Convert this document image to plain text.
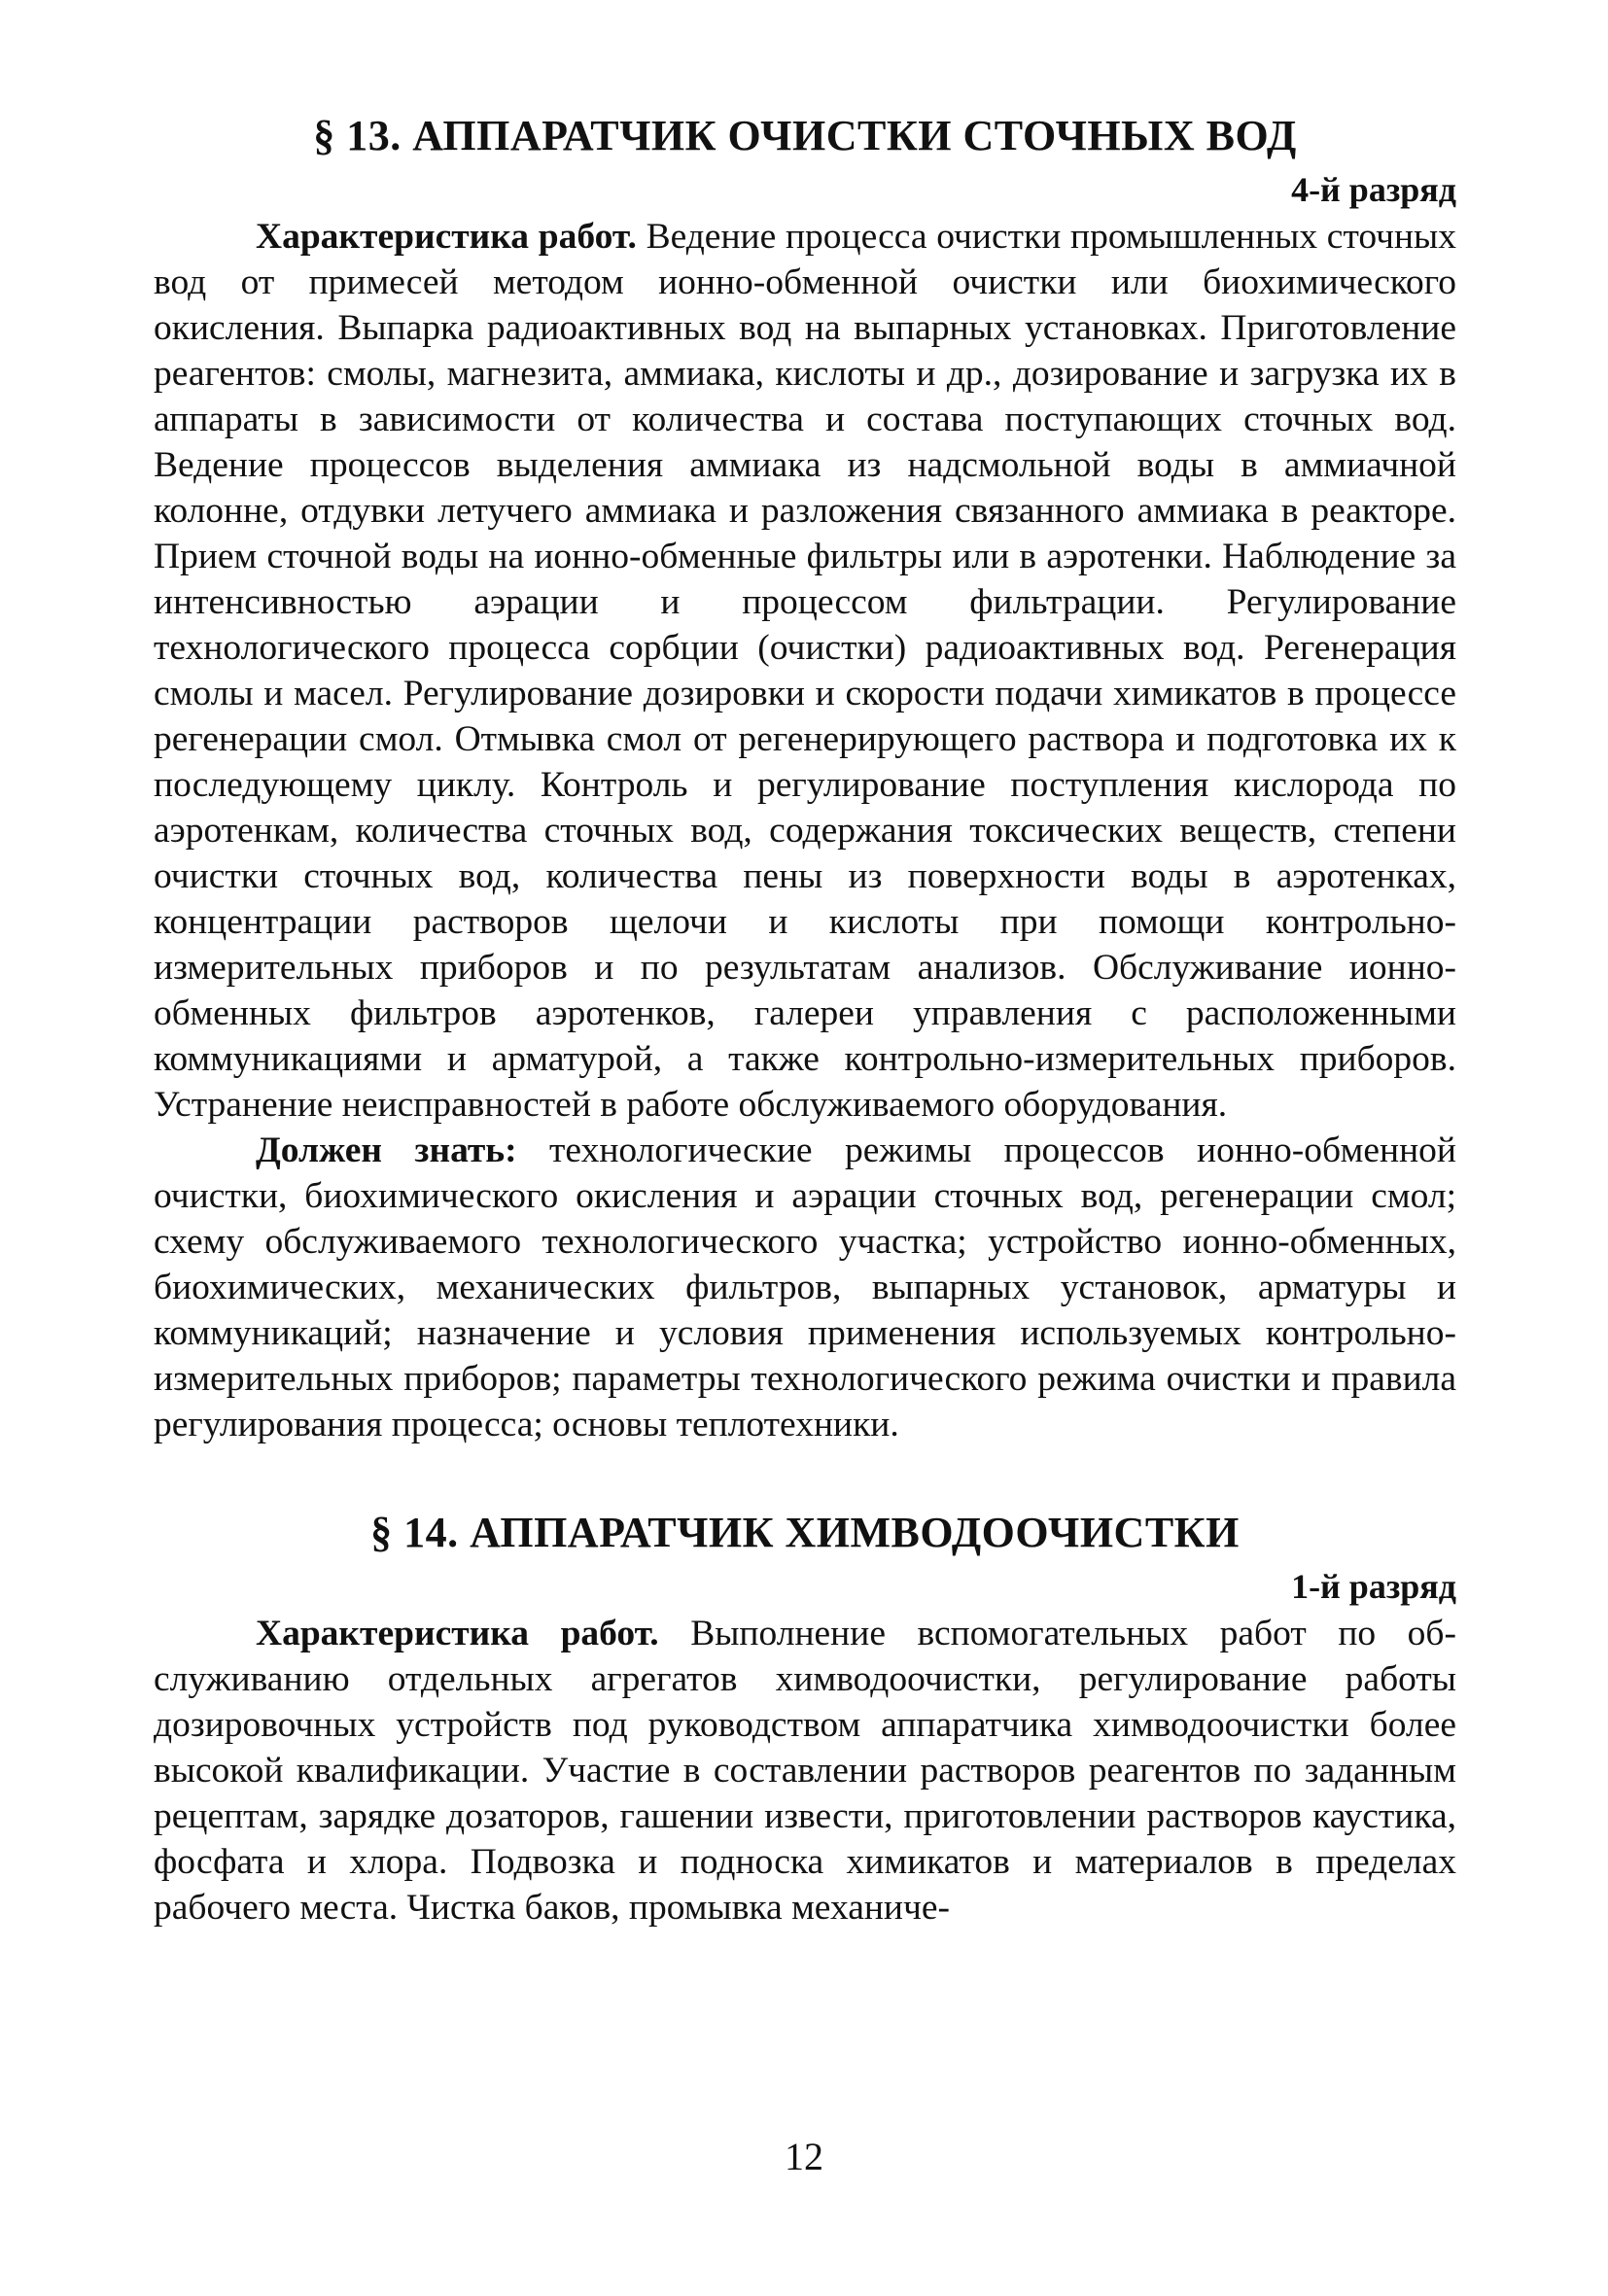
§ 13. АППАРАТЧИК ОЧИСТКИ СТОЧНЫХ ВОД

4-й разряд

Характеристика работ. Ведение процесса очистки промышленных сточных вод от примесей методом ионно-обменной очистки или биохимического окисления. Выпарка радиоактивных вод на выпарных установках. Приготовление реагентов: смолы, магнезита, аммиака, кислоты и др., дозирование и загрузка их в аппараты в зависимости от количества и состава поступающих сточных вод. Ведение процессов выделения аммиака из надсмольной воды в аммиачной колонне, отдувки летучего аммиака и разложения связанного аммиака в реакторе. Прием сточной воды на ионно-обменные фильтры или в аэротенки. Наблюдение за интенсивностью аэрации и процессом фильтрации. Регулирование технологического процесса сорбции (очистки) радиоактивных вод. Регенерация смолы и масел. Регулирование дозировки и скорости подачи химикатов в процессе регенерации смол. Отмывка смол от регенерирующего раствора и подготовка их к последующему циклу. Контроль и регулирование поступления кислорода по аэротенкам, количества сточных вод, содержания токсических веществ, степени очистки сточных вод, количества пены из поверхности воды в аэротенках, концентрации растворов щелочи и кислоты при помощи контрольно-измерительных приборов и по результатам анализов. Обслуживание ионно-обменных фильтров аэротенков, галереи управления с расположенными коммуникациями и арматурой, а также контрольно-измерительных приборов. Устранение неисправностей в работе обслуживаемого оборудования.

Должен знать: технологические режимы процессов ионно-обменной очистки, биохимического окисления и аэрации сточных вод, регенерации смол; схему обслуживаемого технологического участка; устройство ионно-обменных, биохимических, механических фильтров, выпарных установок, арматуры и коммуникаций; назначение и условия применения используемых контрольно-измерительных приборов; параметры технологического режима очистки и правила регулирования процесса; основы теплотехники.

§ 14. АППАРАТЧИК ХИМВОДООЧИСТКИ

1-й разряд

Характеристика работ. Выполнение вспомогательных работ по обслуживанию отдельных агрегатов химводоочистки, регулирование работы дозировочных устройств под руководством аппаратчика химводоочистки более высокой квалификации. Участие в составлении растворов реагентов по заданным рецептам, зарядке дозаторов, гашении извести, приготовлении растворов каустика, фосфата и хлора. Подвозка и подноска химикатов и материалов в пределах рабочего места. Чистка баков, промывка механиче-

12
